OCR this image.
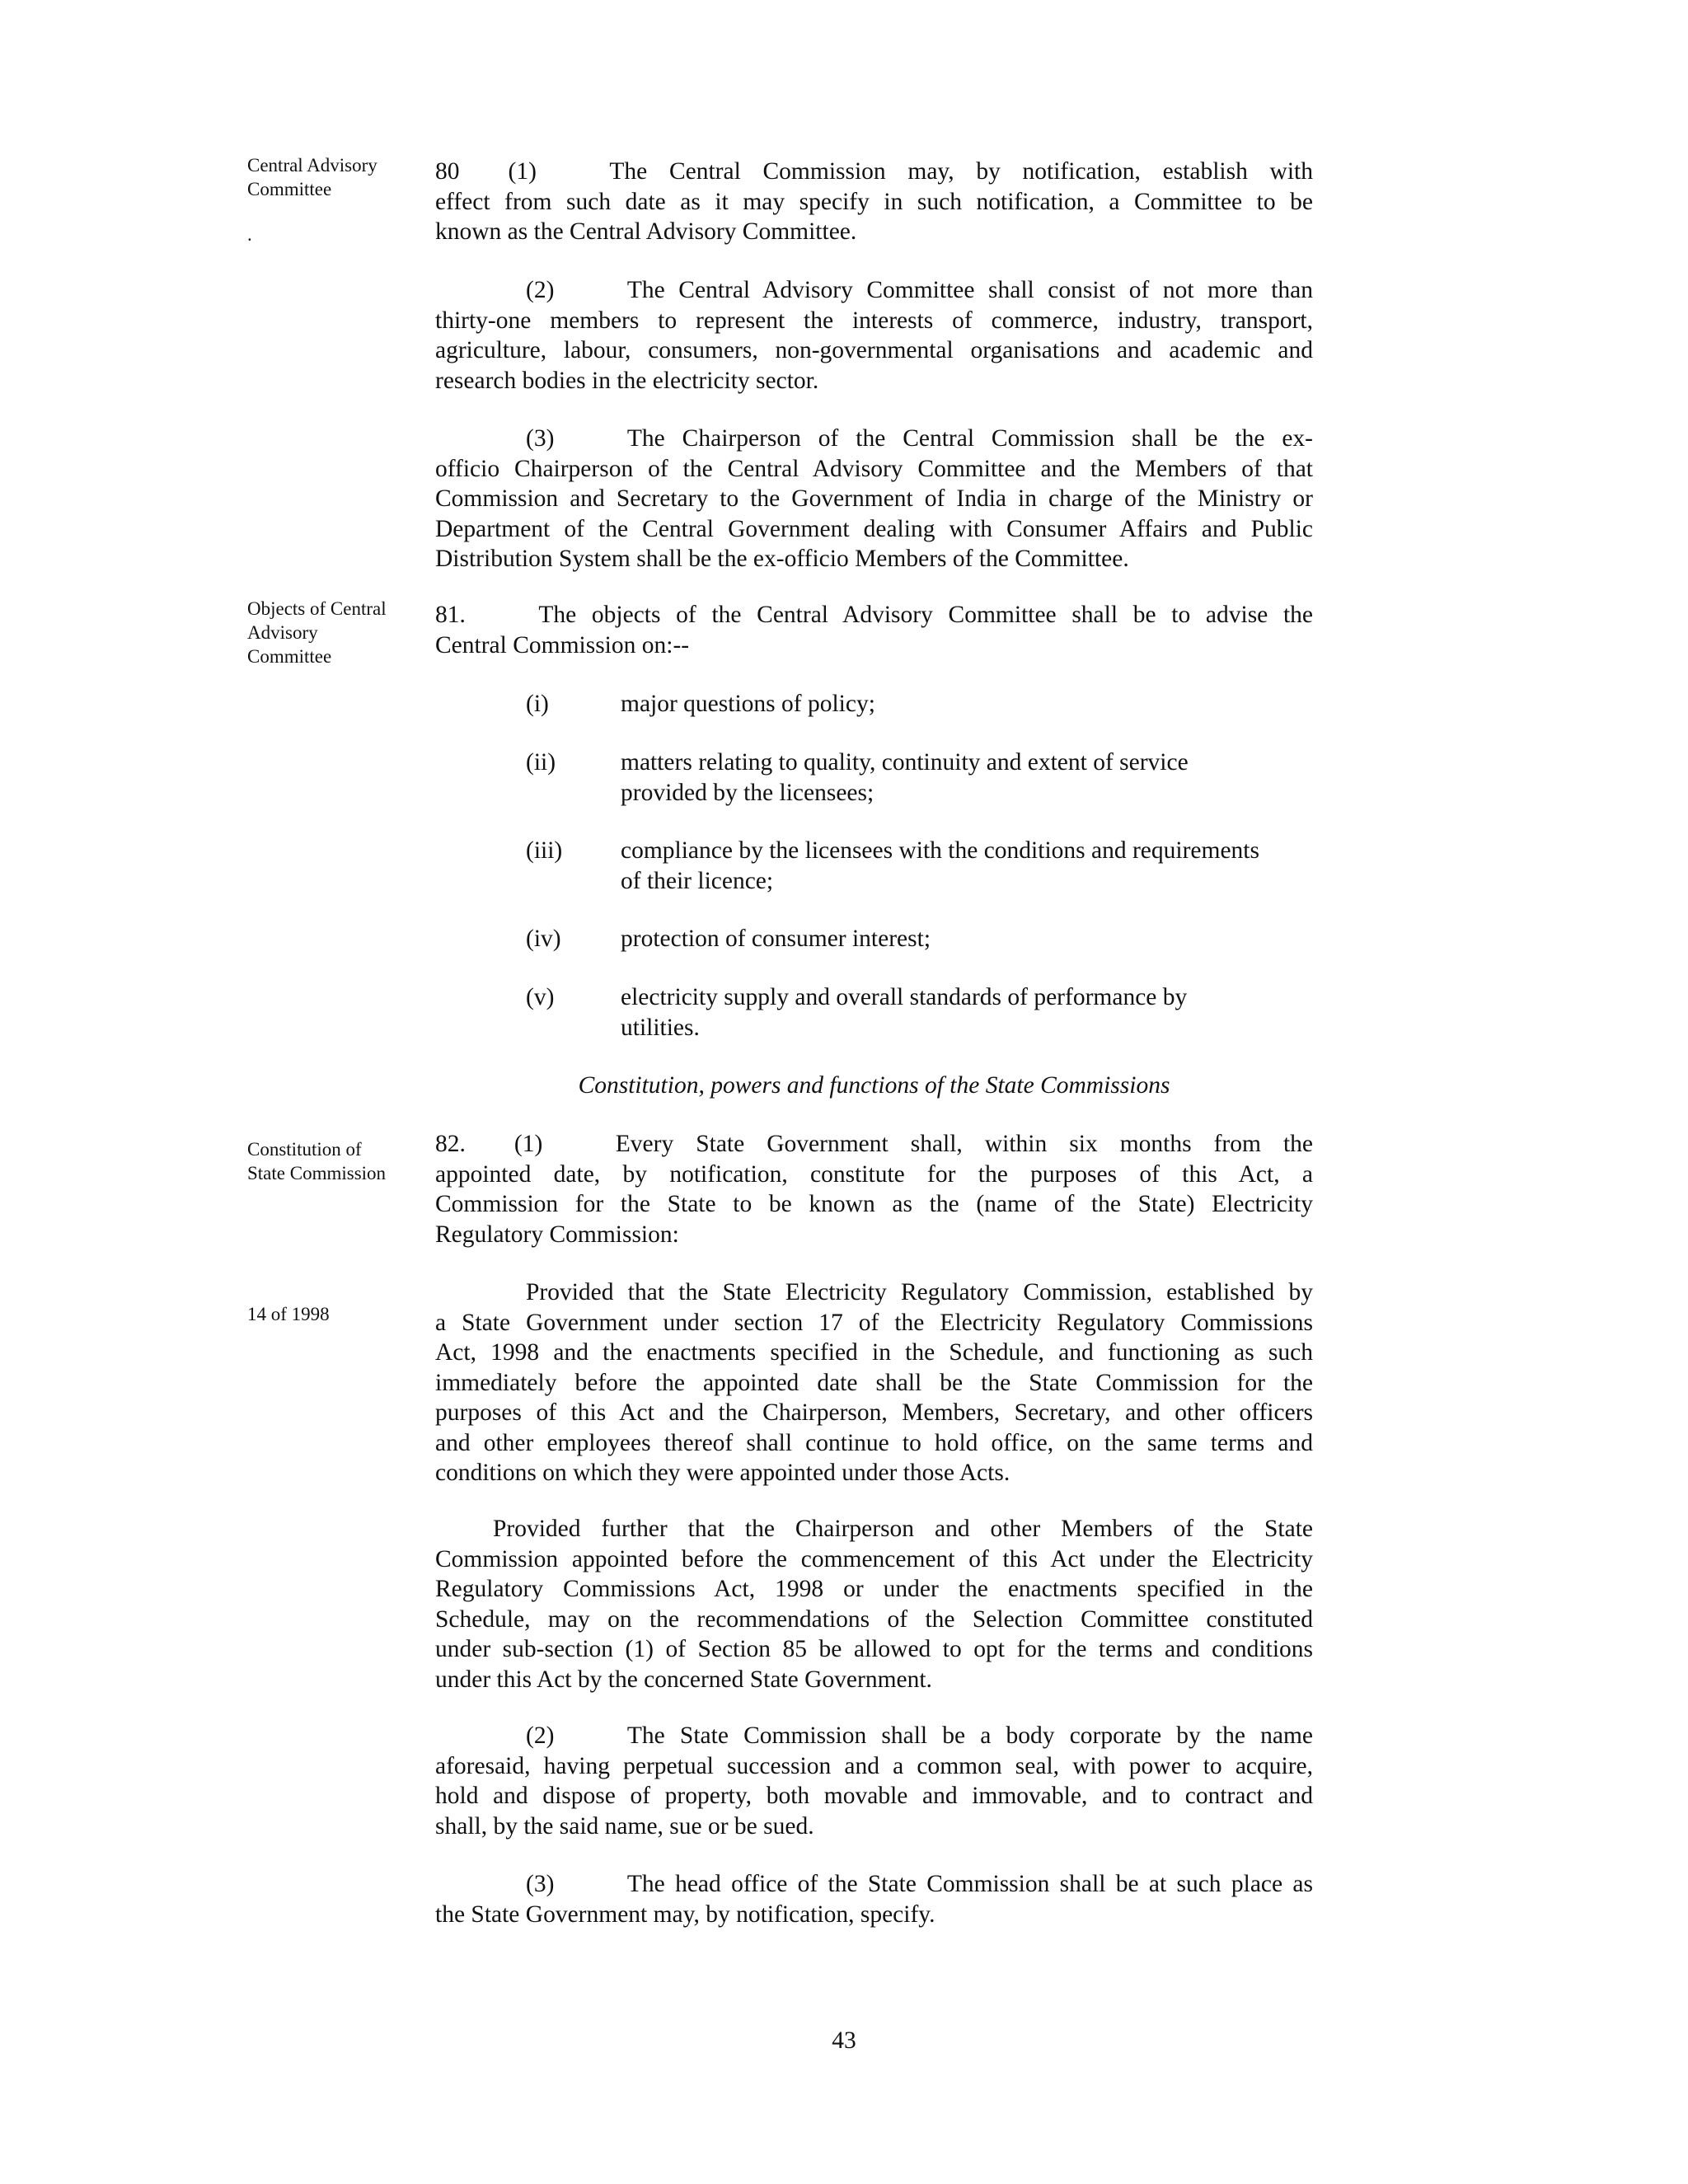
Central Advisory
Committee
.
Objects of Central
Advisory
Committee
Constitution of
State Commission
14 of 1998
80  (1)   The Central Commission may, by notification, establish with
effect from such date as it may specify in such notification, a Committee to be
known as the Central Advisory Committee.
(2)   The Central Advisory Committee shall consist of not more than
thirty-one members to represent the interests of commerce, industry, transport,
agriculture, labour, consumers, non-governmental organisations and academic and
research bodies in the electricity sector.
(3)   The Chairperson of the Central Commission shall be the ex-
officio Chairperson of the Central Advisory Committee and the Members of that
Commission and Secretary to the Government of India in charge of the Ministry or
Department of the Central Government dealing with Consumer Affairs and Public
Distribution System shall be the ex-officio Members of the Committee.
81.   The objects of the Central Advisory Committee shall be to advise the
Central Commission on:--
(i)	major questions of policy;
(ii)	matters relating to quality, continuity and extent of service
provided by the licensees;
(iii)	compliance by the licensees with the conditions and requirements
of their licence;
(iv)	protection of consumer interest;
(v)	electricity supply and overall standards of performance by
utilities.
Constitution, powers and functions of the State Commissions
82.  (1)   Every State Government shall, within six months from the
appointed date, by notification, constitute for the purposes of this Act, a
Commission for the State to be known as the (name of the State) Electricity
Regulatory Commission:
Provided that the State Electricity Regulatory Commission, established by
a State Government under section 17 of the Electricity Regulatory Commissions
Act, 1998 and the enactments specified in the Schedule, and functioning as such
immediately before the appointed date shall be the State Commission for the
purposes of this Act and the Chairperson, Members, Secretary, and other officers
and other employees thereof shall continue to hold office, on the same terms and
conditions on which they were appointed under those Acts.
Provided further that the Chairperson and other Members of the State
Commission appointed before the commencement of this Act under the Electricity
Regulatory Commissions Act, 1998 or under the enactments specified in the
Schedule, may on the recommendations of the Selection Committee constituted
under sub-section (1) of Section 85 be allowed to opt for the terms and conditions
under this Act by the concerned State Government.
(2)   The State Commission shall be a body corporate by the name
aforesaid, having perpetual succession and a common seal, with power to acquire,
hold and dispose of property, both movable and immovable, and to contract and
shall, by the said name, sue or be sued.
(3)   The head office of the State Commission shall be at such place as
the State Government may, by notification, specify.
43
